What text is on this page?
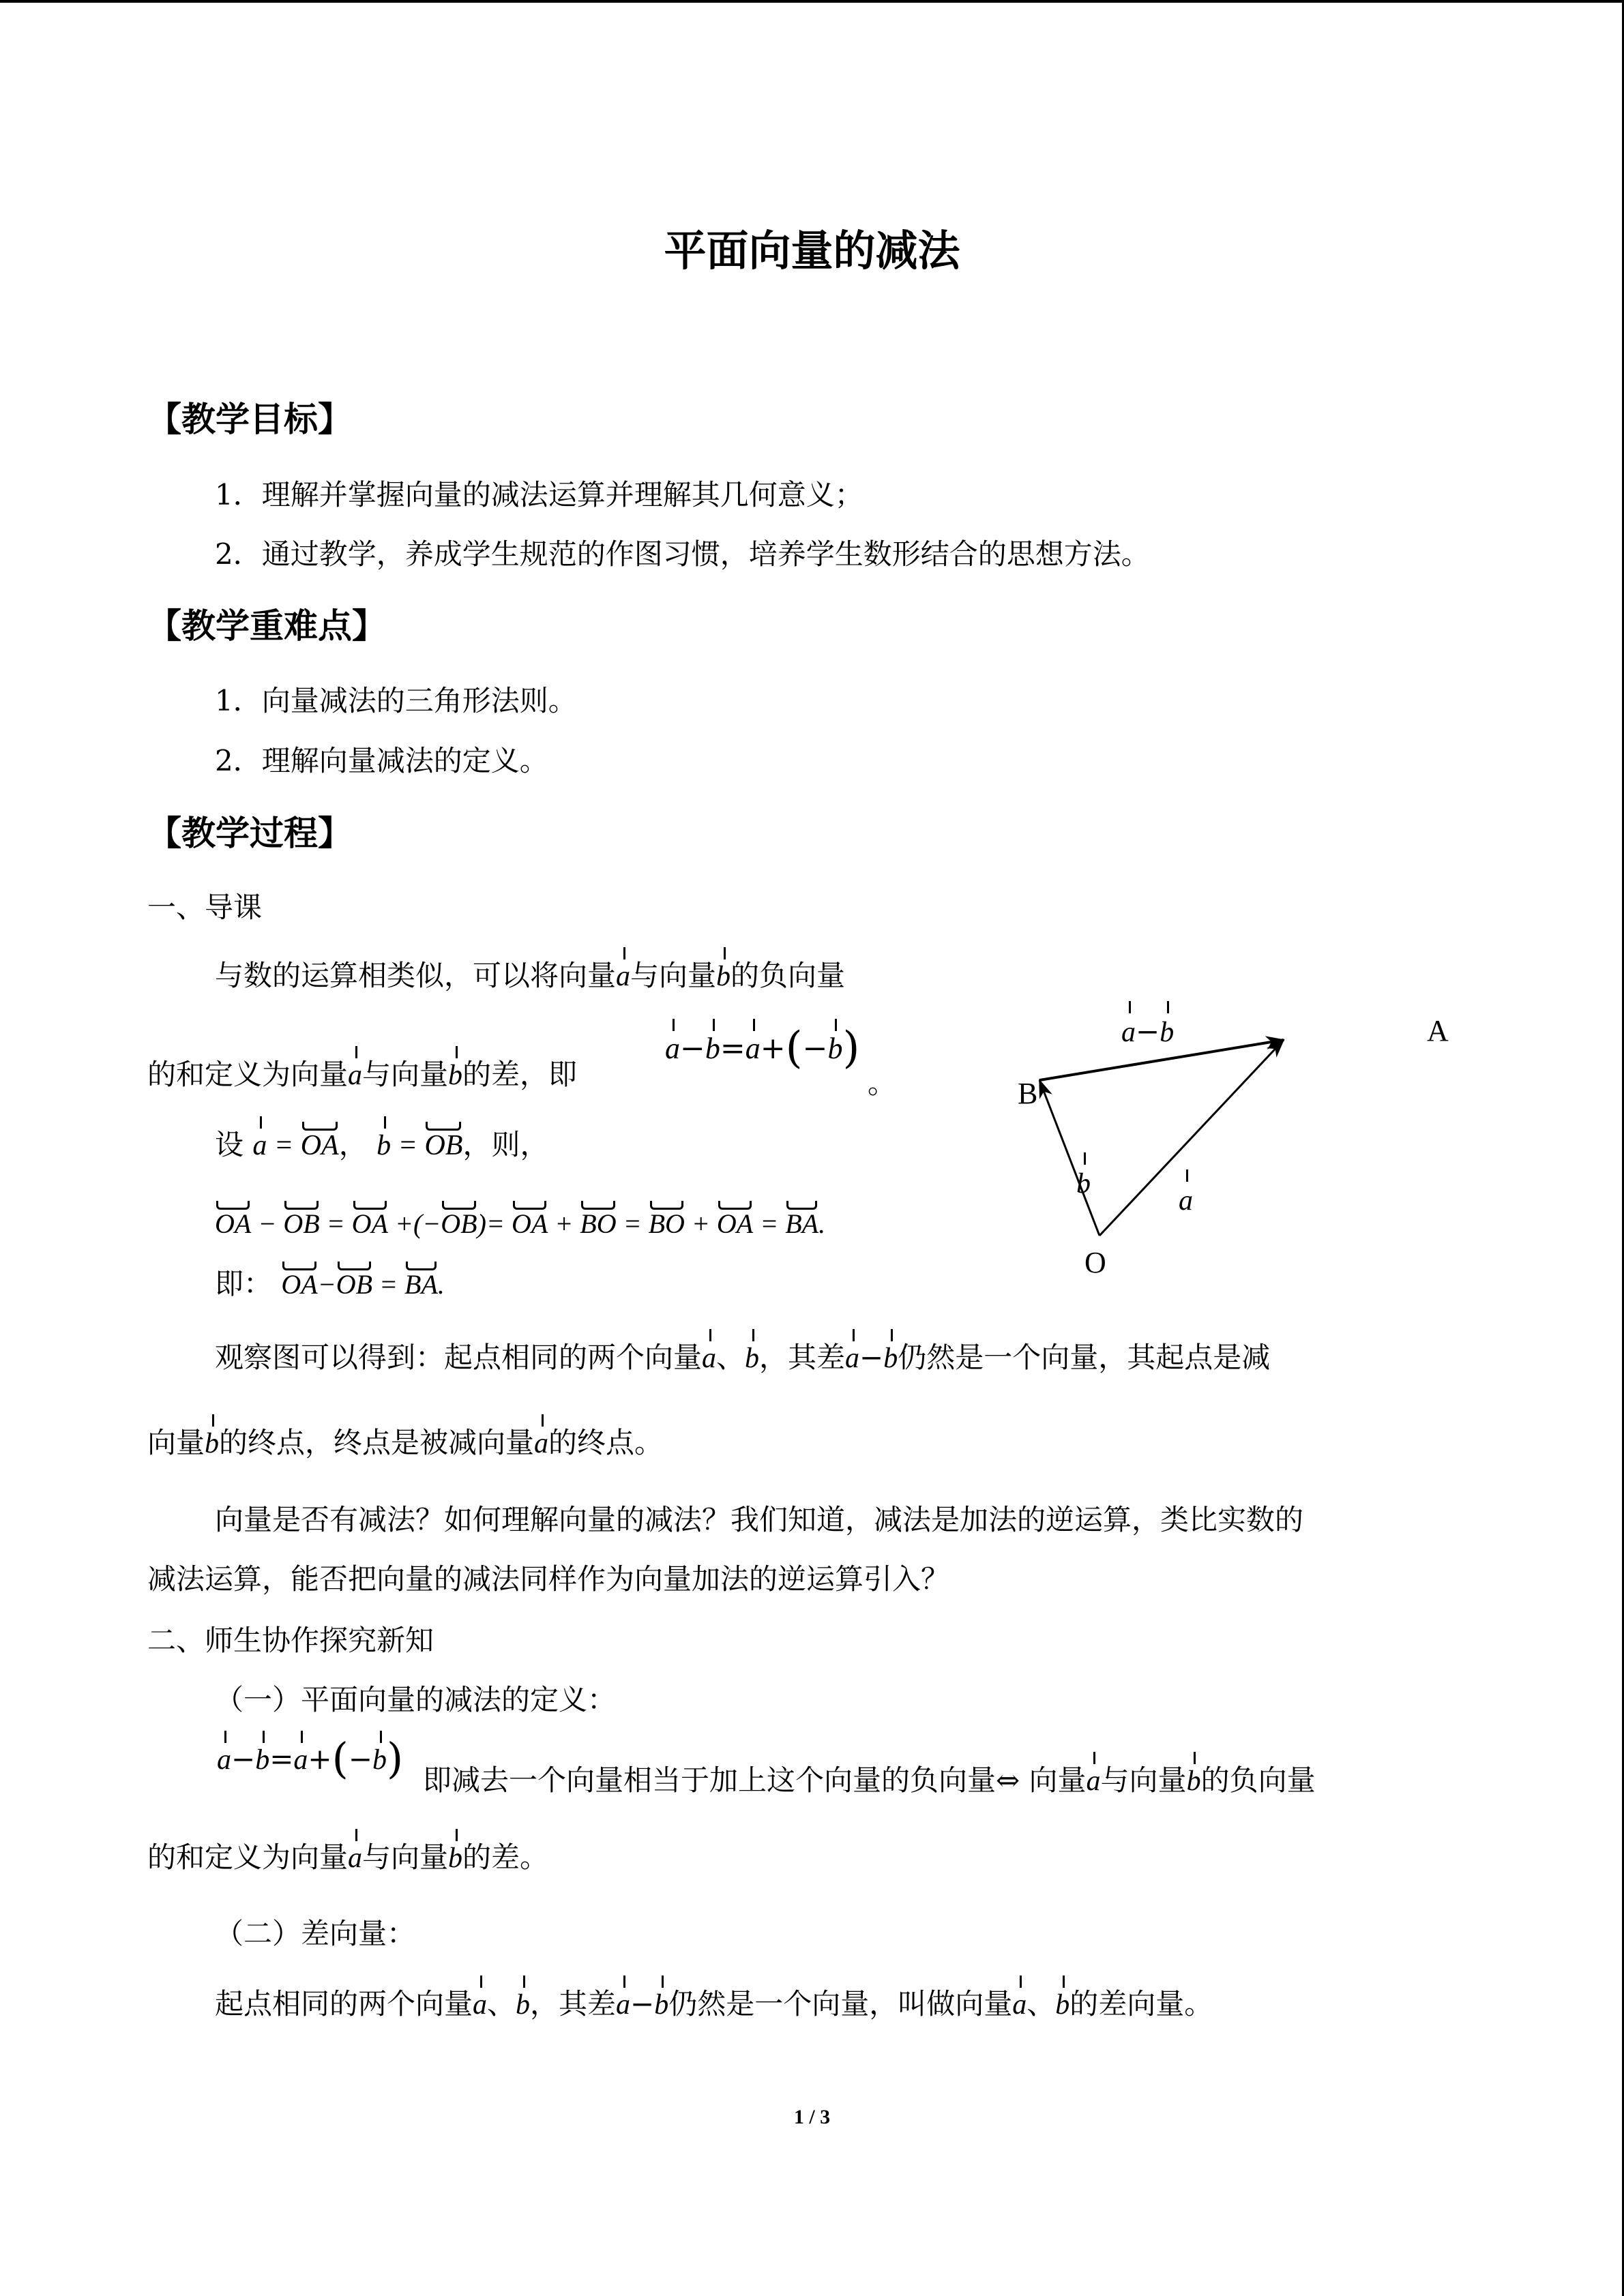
平面向量的减法
【教学目标】
1．理解并掌握向量的减法运算并理解其几何意义；
2．通过教学，养成学生规范的作图习惯，培养学生数形结合的思想方法。
【教学重难点】
1．向量减法的三角形法则。
2．理解向量减法的定义。
【教学过程】
一、导课
与数的运算相类似，可以将向量a与向量b的负向量
的和定义为向量a与向量b的差，即
a−b=a+(−b)
。
设 a = OA， b = OB，则，
OA − OB = OA +(−OB)= OA + BO = BO + OA = BA.
即： OA−OB = BA.
观察图可以得到：起点相同的两个向量a、b，其差a−b仍然是一个向量，其起点是减
向量b的终点，终点是被减向量a的终点。
向量是否有减法？如何理解向量的减法？我们知道，减法是加法的逆运算，类比实数的
减法运算，能否把向量的减法同样作为向量加法的逆运算引入？
二、师生协作探究新知
（一）平面向量的减法的定义：
a−b=a+(−b) 即减去一个向量相当于加上这个向量的负向量⇔ 向量a与向量b的负向量
的和定义为向量a与向量b的差。
（二）差向量：
起点相同的两个向量a、b，其差a−b仍然是一个向量，叫做向量a、b的差向量。
O
A
B
b
a
a−b
1 / 3
